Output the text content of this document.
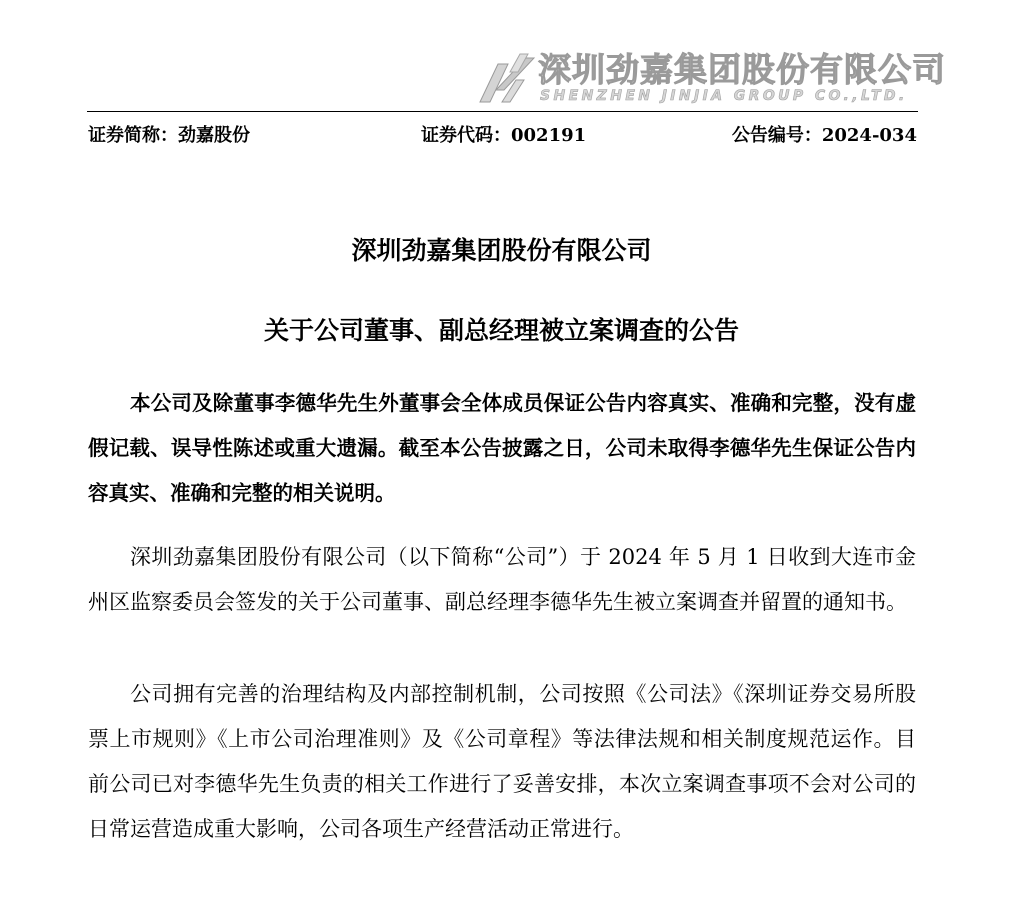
深圳劲嘉集团股份有限公司
SHENZHEN JINJIA GROUP CO.,LTD.
证券简称：劲嘉股份	证券代码：002191	公告编号：2024-034
深圳劲嘉集团股份有限公司
关于公司董事、副总经理被立案调查的公告
本公司及除董事李德华先生外董事会全体成员保证公告内容真实、准确和完整，没有虚假记载、误导性陈述或重大遗漏。截至本公告披露之日，公司未取得李德华先生保证公告内容真实、准确和完整的相关说明。
深圳劲嘉集团股份有限公司（以下简称“公司”）于 2024 年 5 月 1 日收到大连市金州区监察委员会签发的关于公司董事、副总经理李德华先生被立案调查并留置的通知书。
公司拥有完善的治理结构及内部控制机制，公司按照《公司法》《深圳证券交易所股票上市规则》《上市公司治理准则》及《公司章程》等法律法规和相关制度规范运作。目前公司已对李德华先生负责的相关工作进行了妥善安排，本次立案调查事项不会对公司的日常运营造成重大影响，公司各项生产经营活动正常进行。
